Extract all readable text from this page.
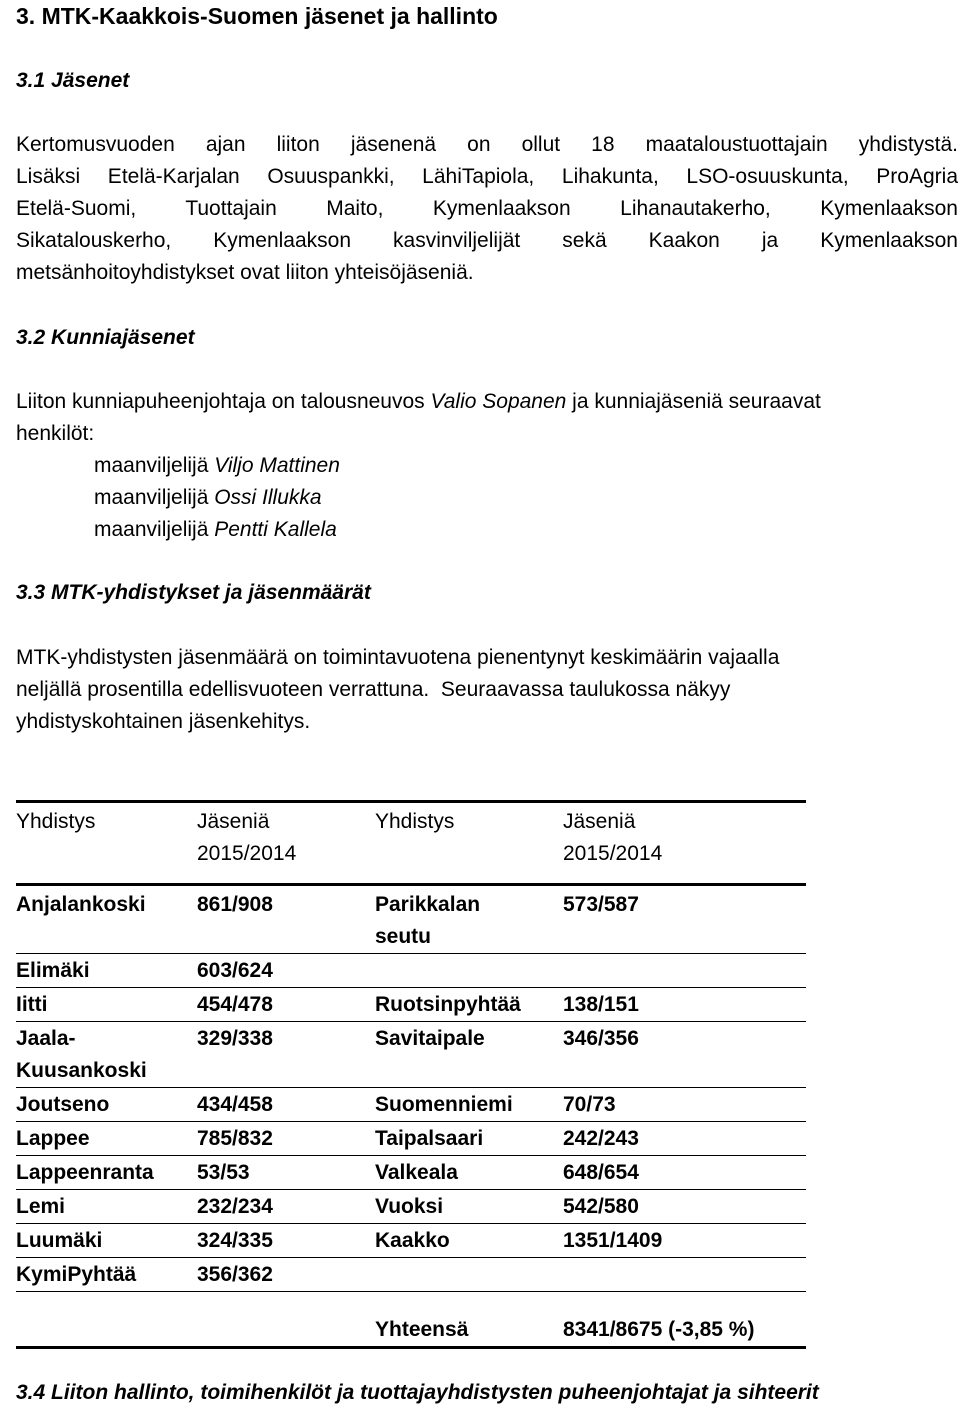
3. MTK-Kaakkois-Suomen jäsenet ja hallinto
3.1 Jäsenet

Kertomusvuoden ajan liiton jäsenenä on ollut 18 maataloustuottajain yhdistystä.
Lisäksi Etelä-Karjalan Osuuspankki, LähiTapiola, Lihakunta, LSO-osuuskunta, ProAgria
Etelä-Suomi, Tuottajain Maito, Kymenlaakson Lihanautakerho, Kymenlaakson
Sikatalouskerho, Kymenlaakson kasvinviljelijät sekä Kaakon ja Kymenlaakson
metsänhoitoyhdistykset ovat liiton yhteisöjäseniä.

3.2 Kunniajäsenet

Liiton kunniapuheenjohtaja on talousneuvos Valio Sopanen ja kunniajäseniä seuraavat
henkilöt:

maanviljelijä Viljo Mattinen
maanviljelijä Ossi Illukka
maanviljelijä Pentti Kallela
3.3 MTK-yhdistykset ja jäsenmäärät

MTK-yhdistysten jäsenmäärä on toimintavuotena pienentynyt keskimäärin vajaalla
neljällä prosentilla edellisvuoteen verrattuna.  Seuraavassa taulukossa näkyy
yhdistyskohtainen jäsenkehitys.

Yhdistys	Jäseniä 2015/2014	Yhdistys	Jäseniä 2015/2014
Anjalankoski	861/908	Parikkalan seutu	573/587
Elimäki	603/624		
Iitti	454/478	Ruotsinpyhtää	138/151
Jaala-Kuusankoski	329/338	Savitaipale	346/356
Joutseno	434/458	Suomenniemi	70/73
Lappee	785/832	Taipalsaari	242/243
Lappeenranta	53/53	Valkeala	648/654
Lemi	232/234	Vuoksi	542/580
Luumäki	324/335	Kaakko	1351/1409
KymiPyhtää	356/362		
		Yhteensä	8341/8675 (-3,85 %)
3.4 Liiton hallinto, toimihenkilöt ja tuottajayhdistysten puheenjohtajat ja sihteerit
